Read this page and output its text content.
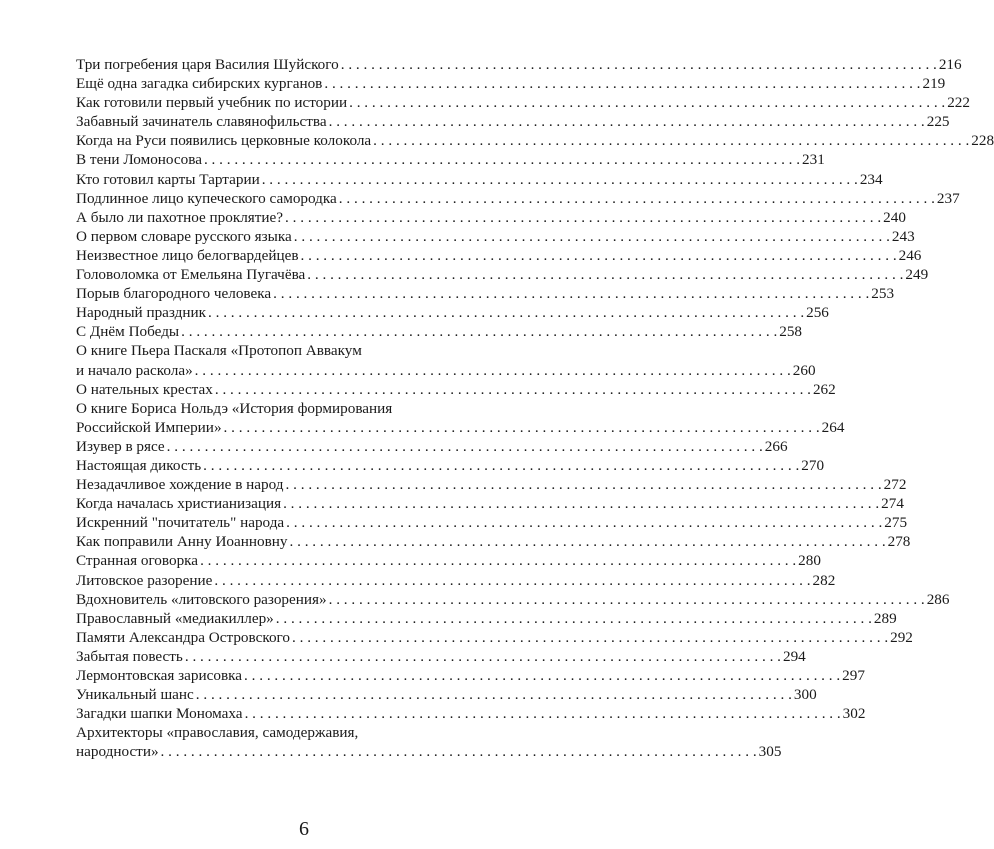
Три погребения царя Василия Шуйского . . .	216
Ещё одна загадка сибирских курганов . . .	219
Как готовили первый учебник по истории . . .	222
Забавный зачинатель славянофильства . . .	225
Когда на Руси появились церковные колокола . . .	228
В тени Ломоносова . . .	231
Кто готовил карты Тартарии . . .	234
Подлинное лицо купеческого самородка . . .	237
А было ли пахотное проклятие? . . .	240
О первом словаре русского языка . . .	243
Неизвестное лицо белогвардейцев . . .	246
Головоломка от Емельяна Пугачёва . . .	249
Порыв благородного человека . . .	253
Народный праздник . . .	256
С Днём Победы . . .	258
О книге Пьера Паскаля «Протопоп Аввакум
и начало раскола» . . .	260
О нательных крестах . . .	262
О книге Бориса Нольдэ «История формирования
Российской Империи» . . .	264
Изувер в рясе . . .	266
Настоящая дикость . . .	270
Незадачливое хождение в народ . . .	272
Когда началась христианизация . . .	274
Искренний "почитатель" народа . . .	275
Как поправили Анну Иоанновну . . .	278
Странная оговорка . . .	280
Литовское разорение . . .	282
Вдохновитель «литовского разорения» . . .	286
Православный «медиакиллер» . . .	289
Памяти Александра Островского . . .	292
Забытая повесть . . .	294
Лермонтовская зарисовка . . .	297
Уникальный шанс . . .	300
Загадки шапки Мономаха . . .	302
Архитекторы «православия, самодержавия,
народности» . . .	305
6
